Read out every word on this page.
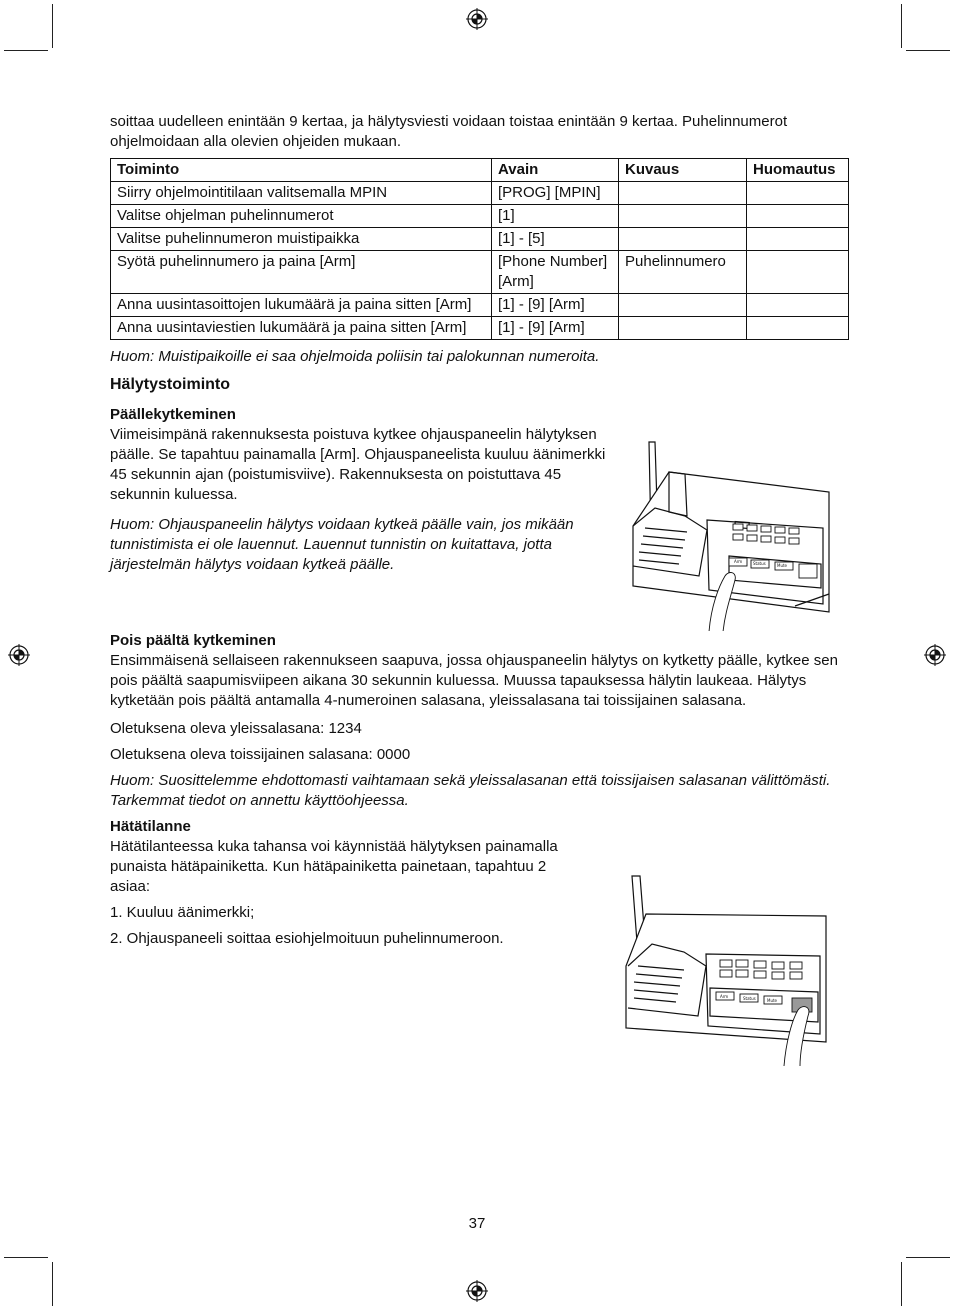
soittaa uudelleen enintään 9 kertaa, ja hälytysviesti voidaan toistaa enintään 9 kertaa. Puhelinnumerot ohjelmoidaan alla olevien ohjeiden mukaan.

Toiminto	Avain	Kuvaus	Huomautus
Siirry ohjelmointitilaan valitsemalla MPIN	[PROG] [MPIN]		
Valitse ohjelman puhelinnumerot	[1]		
Valitse puhelinnumeron muistipaikka	[1] - [5]		
Syötä puhelinnumero ja paina [Arm]	[Phone Number] [Arm]	Puhelinnumero	
Anna uusintasoittojen lukumäärä ja paina sitten [Arm]	[1] - [9] [Arm]		
Anna uusintaviestien lukumäärä ja paina sitten [Arm]	[1] - [9] [Arm]		

Huom: Muistipaikoille ei saa ohjelmoida poliisin tai palokunnan numeroita.

Hälytystoiminto

Päällekytkeminen

Viimeisimpänä rakennuksesta poistuva kytkee ohjauspaneelin hälytyksen päälle. Se tapahtuu painamalla [Arm]. Ohjauspaneelista kuuluu äänimerkki 45 sekunnin ajan (poistumisviive). Rakennuksesta on poistuttava 45 sekunnin kuluessa.

Huom: Ohjauspaneelin hälytys voidaan kytkeä päälle vain, jos mikään tunnistimista ei ole lauennut. Lauennut tunnistin on kuitattava, jotta järjestelmän hälytys voidaan kytkeä päälle.

Pois päältä kytkeminen

Ensimmäisenä sellaiseen rakennukseen saapuva, jossa ohjauspaneelin hälytys on kytketty päälle, kytkee sen pois päältä saapumisviipeen aikana 30 sekunnin kuluessa. Muussa tapauksessa hälytin laukeaa. Hälytys kytketään pois päältä antamalla 4-numeroinen salasana, yleissalasana tai toissijainen salasana.

Oletuksena oleva yleissalasana: 1234

Oletuksena oleva toissijainen salasana: 0000

Huom: Suosittelemme ehdottomasti vaihtamaan sekä yleissalasanan että toissijaisen salasanan välittömästi. Tarkemmat tiedot on annettu käyttöohjeessa.

Hätätilanne

Hätätilanteessa kuka tahansa voi käynnistää hälytyksen painamalla punaista hätäpainiketta. Kun hätäpainiketta painetaan, tapahtuu 2 asiaa:

1. Kuuluu äänimerkki;

2. Ohjauspaneeli soittaa esiohjelmoituun puhelinnumeroon.

Arm	Status	Mute
Arm	Status	Mute
37
